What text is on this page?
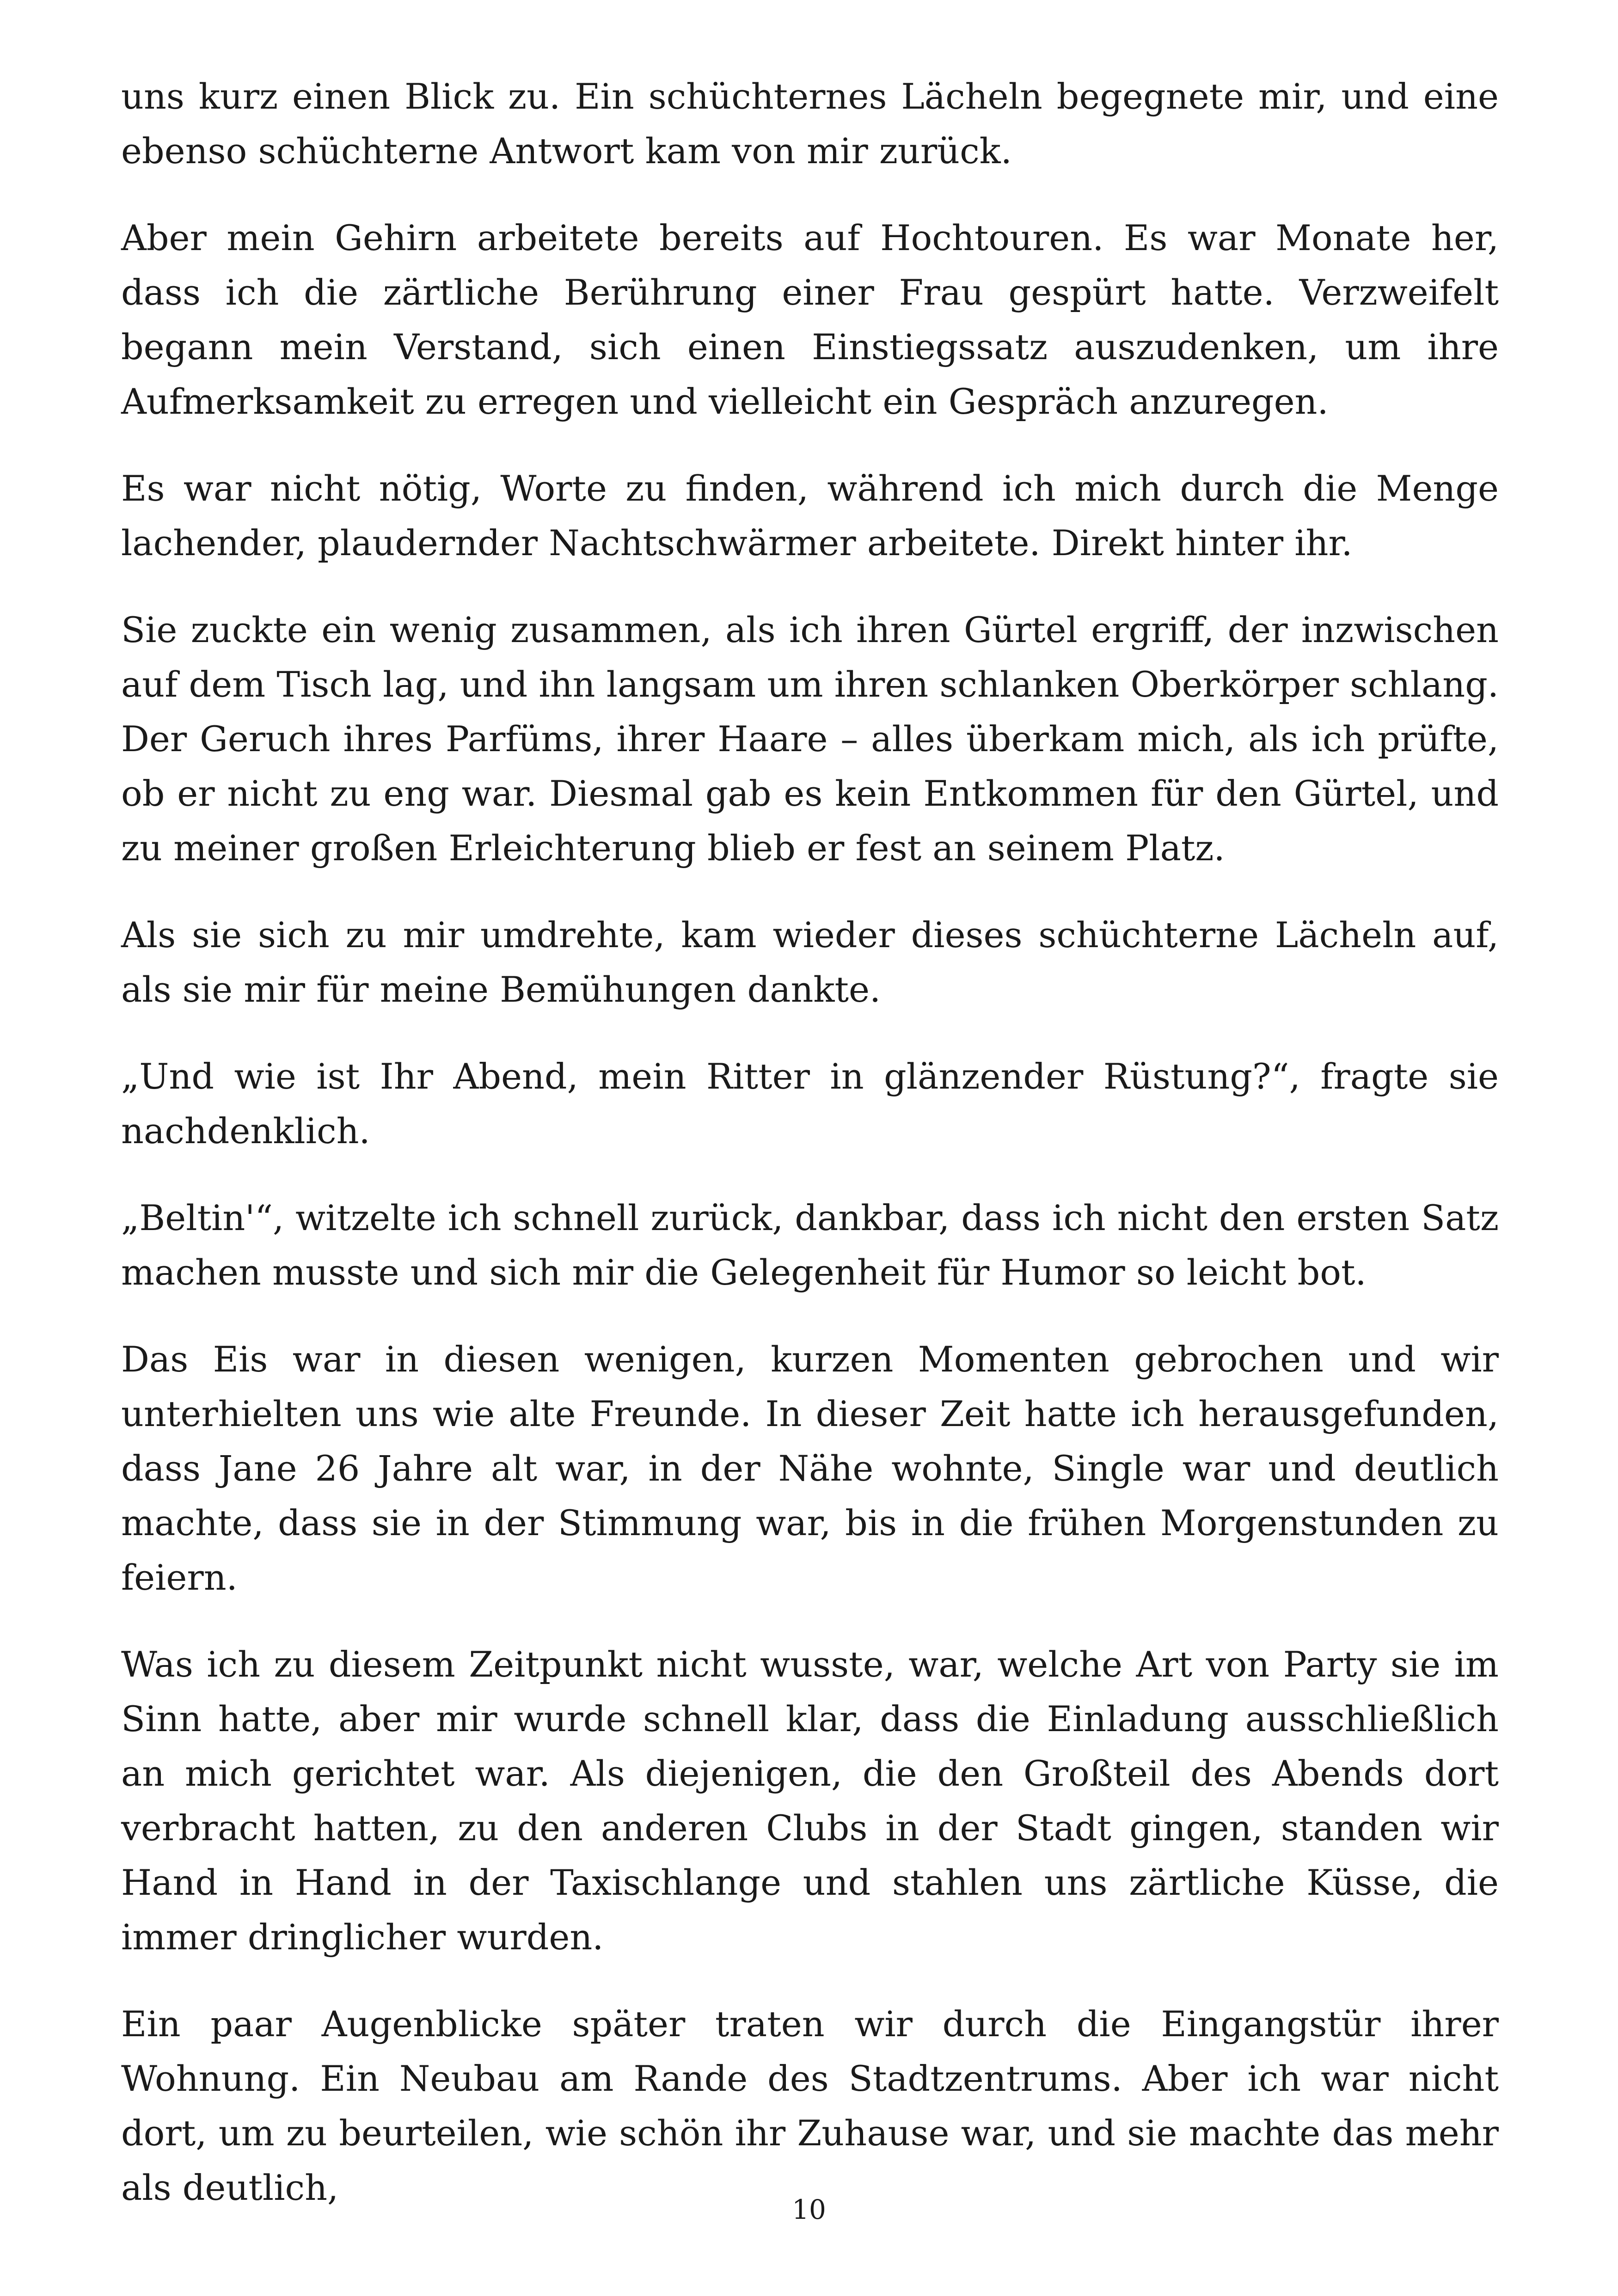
uns kurz einen Blick zu. Ein schüchternes Lächeln begegnete mir, und eine ebenso schüchterne Antwort kam von mir zurück.

Aber mein Gehirn arbeitete bereits auf Hochtouren. Es war Monate her, dass ich die zärtliche Berührung einer Frau gespürt hatte. Verzweifelt begann mein Verstand, sich einen Einstiegssatz auszudenken, um ihre Aufmerksamkeit zu erregen und vielleicht ein Gespräch anzuregen.

Es war nicht nötig, Worte zu finden, während ich mich durch die Menge lachender, plaudernder Nachtschwärmer arbeitete. Direkt hinter ihr.

Sie zuckte ein wenig zusammen, als ich ihren Gürtel ergriff, der inzwischen auf dem Tisch lag, und ihn langsam um ihren schlanken Oberkörper schlang. Der Geruch ihres Parfüms, ihrer Haare – alles überkam mich, als ich prüfte, ob er nicht zu eng war. Diesmal gab es kein Entkommen für den Gürtel, und zu meiner großen Erleichterung blieb er fest an seinem Platz.

Als sie sich zu mir umdrehte, kam wieder dieses schüchterne Lächeln auf, als sie mir für meine Bemühungen dankte.

„Und wie ist Ihr Abend, mein Ritter in glänzender Rüstung?“, fragte sie nachdenklich.

„Beltin'“, witzelte ich schnell zurück, dankbar, dass ich nicht den ersten Satz machen musste und sich mir die Gelegenheit für Humor so leicht bot.

Das Eis war in diesen wenigen, kurzen Momenten gebrochen und wir unterhielten uns wie alte Freunde. In dieser Zeit hatte ich herausgefunden, dass Jane 26 Jahre alt war, in der Nähe wohnte, Single war und deutlich machte, dass sie in der Stimmung war, bis in die frühen Morgenstunden zu feiern.

Was ich zu diesem Zeitpunkt nicht wusste, war, welche Art von Party sie im Sinn hatte, aber mir wurde schnell klar, dass die Einladung ausschließlich an mich gerichtet war. Als diejenigen, die den Großteil des Abends dort verbracht hatten, zu den anderen Clubs in der Stadt gingen, standen wir Hand in Hand in der Taxischlange und stahlen uns zärtliche Küsse, die immer dringlicher wurden.

Ein paar Augenblicke später traten wir durch die Eingangstür ihrer Wohnung. Ein Neubau am Rande des Stadtzentrums. Aber ich war nicht dort, um zu beurteilen, wie schön ihr Zuhause war, und sie machte das mehr als deutlich,

10
